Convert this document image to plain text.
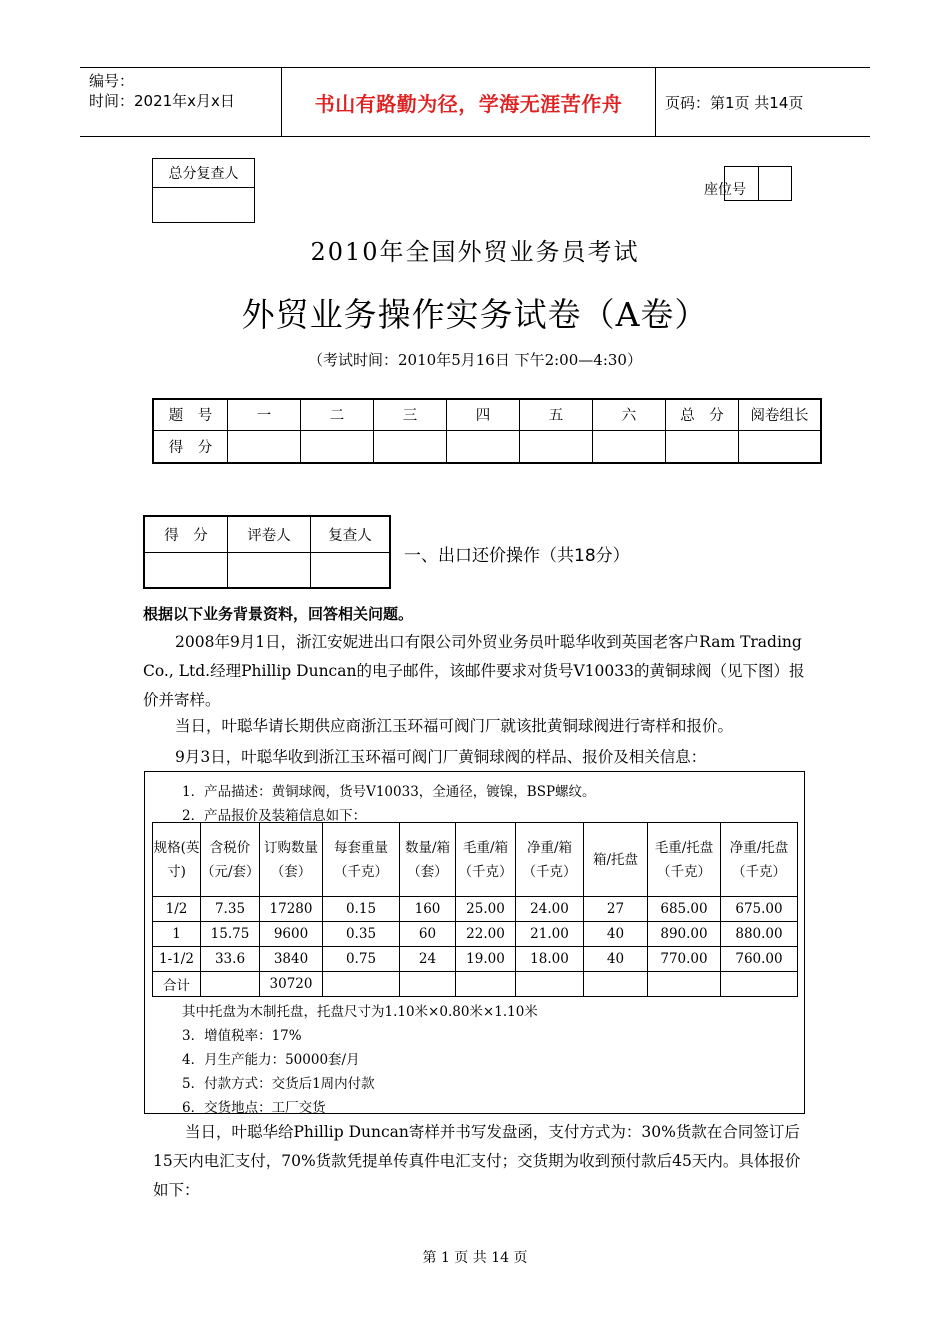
编号：
时间：2021年x月x日	书山有路勤为径，学海无涯苦作舟	页码：第1页 共14页
总分复查人

座位号
2010年全国外贸业务员考试
外贸业务操作实务试卷（A卷）
（考试时间：2010年5月16日 下午2:00—4:30）
题　号	一	二	三	四	五	六	总　分	阅卷组长
得　分								
得　分	评卷人	复查人

一、出口还价操作（共18分）
根据以下业务背景资料，回答相关问题。
2008年9月1日，浙江安妮进出口有限公司外贸业务员叶聪华收到英国老客户Ram Trading Co., Ltd.经理Phillip Duncan的电子邮件，该邮件要求对货号V10033的黄铜球阀（见下图）报价并寄样。
当日，叶聪华请长期供应商浙江玉环福可阀门厂就该批黄铜球阀进行寄样和报价。
9月3日，叶聪华收到浙江玉环福可阀门厂黄铜球阀的样品、报价及相关信息：
1．产品描述：黄铜球阀，货号V10033，全通径，镀镍，BSP螺纹。
2．产品报价及装箱信息如下：
规格(英寸)	含税价（元/套）	订购数量（套）	每套重量（千克）	数量/箱（套）	毛重/箱（千克）	净重/箱（千克）	箱/托盘	毛重/托盘（千克）	净重/托盘（千克）
1/2	7.35	17280	0.15	160	25.00	24.00	27	685.00	675.00
1	15.75	9600	0.35	60	22.00	21.00	40	890.00	880.00
1-1/2	33.6	3840	0.75	24	19.00	18.00	40	770.00	760.00
合计		30720							
其中托盘为木制托盘，托盘尺寸为1.10米×0.80米×1.10米
3．增值税率：17%
4．月生产能力：50000套/月
5．付款方式：交货后1周内付款
6．交货地点：工厂交货
当日，叶聪华给Phillip Duncan寄样并书写发盘函，支付方式为：30%货款在合同签订后15天内电汇支付，70%货款凭提单传真件电汇支付；交货期为收到预付款后45天内。具体报价如下：
第 1 页 共 14 页
